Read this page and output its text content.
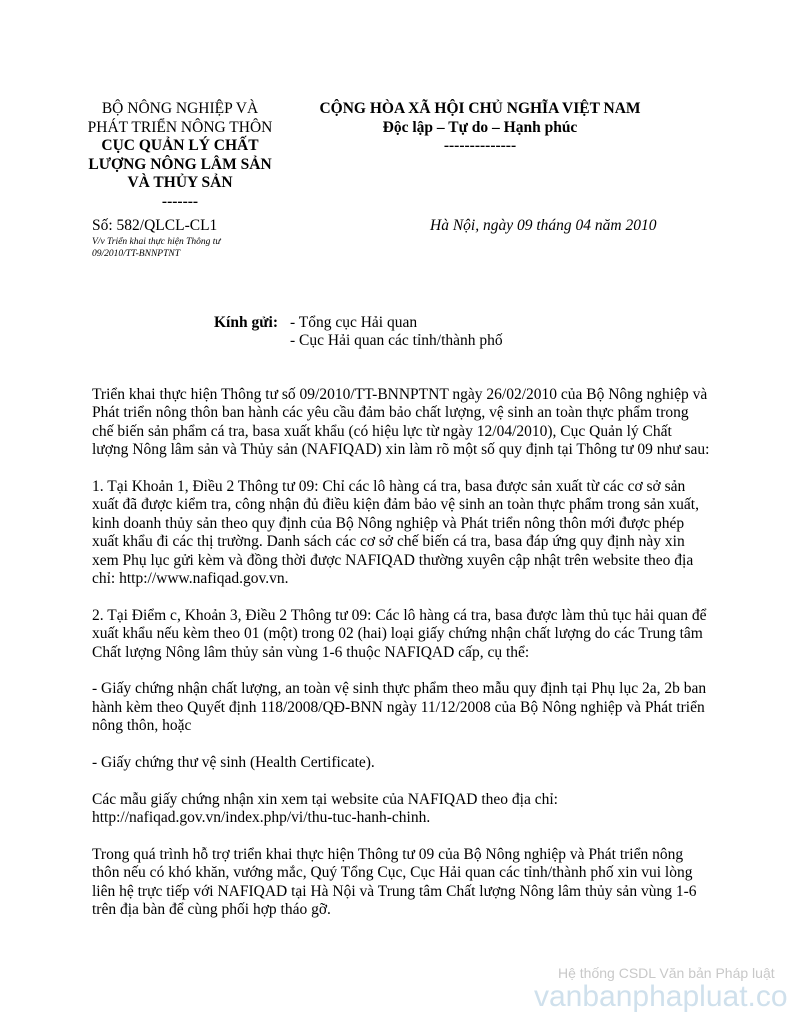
BỘ NÔNG NGHIỆP VÀ
PHÁT TRIỂN NÔNG THÔN
CỤC QUẢN LÝ CHẤT
LƯỢNG NÔNG LÂM SẢN
VÀ THỦY SẢN
-------
CỘNG HÒA XÃ HỘI CHỦ NGHĨA VIỆT NAM
Độc lập – Tự do – Hạnh phúc
--------------
Số: 582/QLCL-CL1
V/v Triển khai thực hiện Thông tư
09/2010/TT-BNNPTNT
Hà Nội, ngày 09 tháng 04 năm 2010
Kính gửi: - Tổng cục Hải quan
- Cục Hải quan các tỉnh/thành phố

Triển khai thực hiện Thông tư số 09/2010/TT-BNNPTNT ngày 26/02/2010 của Bộ Nông nghiệp và Phát triển nông thôn ban hành các yêu cầu đảm bảo chất lượng, vệ sinh an toàn thực phẩm trong chế biến sản phẩm cá tra, basa xuất khẩu (có hiệu lực từ ngày 12/04/2010), Cục Quản lý Chất lượng Nông lâm sản và Thủy sản (NAFIQAD) xin làm rõ một số quy định tại Thông tư 09 như sau:

1. Tại Khoản 1, Điều 2 Thông tư 09: Chỉ các lô hàng cá tra, basa được sản xuất từ các cơ sở sản xuất đã được kiểm tra, công nhận đủ điều kiện đảm bảo vệ sinh an toàn thực phẩm trong sản xuất, kinh doanh thủy sản theo quy định của Bộ Nông nghiệp và Phát triển nông thôn mới được phép xuất khẩu đi các thị trường. Danh sách các cơ sở chế biến cá tra, basa đáp ứng quy định này xin xem Phụ lục gửi kèm và đồng thời được NAFIQAD thường xuyên cập nhật trên website theo địa chỉ: http://www.nafiqad.gov.vn.

2. Tại Điểm c, Khoản 3, Điều 2 Thông tư 09: Các lô hàng cá tra, basa được làm thủ tục hải quan để xuất khẩu nếu kèm theo 01 (một) trong 02 (hai) loại giấy chứng nhận chất lượng do các Trung tâm Chất lượng Nông lâm thủy sản vùng 1-6 thuộc NAFIQAD cấp, cụ thể:

- Giấy chứng nhận chất lượng, an toàn vệ sinh thực phẩm theo mẫu quy định tại Phụ lục 2a, 2b ban hành kèm theo Quyết định 118/2008/QĐ-BNN ngày 11/12/2008 của Bộ Nông nghiệp và Phát triển nông thôn, hoặc

- Giấy chứng thư vệ sinh (Health Certificate).

Các mẫu giấy chứng nhận xin xem tại website của NAFIQAD theo địa chỉ: http://nafiqad.gov.vn/index.php/vi/thu-tuc-hanh-chinh.

Trong quá trình hỗ trợ triển khai thực hiện Thông tư 09 của Bộ Nông nghiệp và Phát triển nông thôn nếu có khó khăn, vướng mắc, Quý Tổng Cục, Cục Hải quan các tỉnh/thành phố xin vui lòng liên hệ trực tiếp với NAFIQAD tại Hà Nội và Trung tâm Chất lượng Nông lâm thủy sản vùng 1-6 trên địa bàn để cùng phối hợp tháo gỡ.

Hệ thống CSDL Văn bản Pháp luật
vanbanphapluat.co
